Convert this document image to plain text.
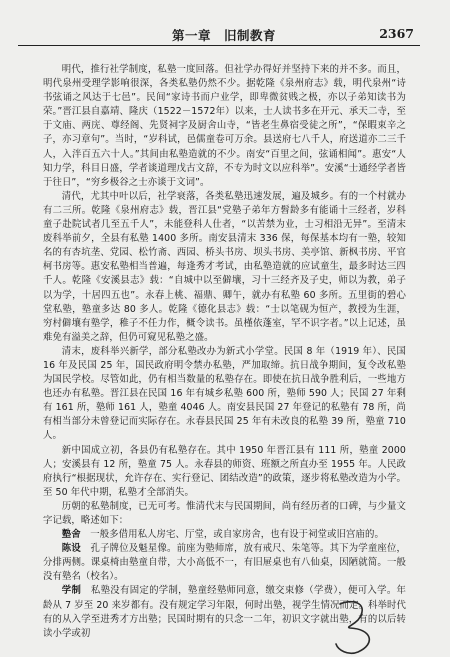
第一章　旧制教育	2367

明代，推行社学制度，私塾一度回落。但社学办得好并坚持下来的并不多。而且，明代泉州受理学影响很深，各类私塾仍然不少。据乾隆《泉州府志》载，明代泉州“诗书弦诵之风达于七邑”。民间“家诗书而户业学，即卑微贫贱之极，亦以子弟知读书为荣。”晋江县自嘉靖、隆庆（1522－1572年）以来，士人读书多在开元、承天二寺，至于文庙、两庑、尊经阁、先贤祠字及厨舍山寺，“皆老生鼻宿受徒之所”，“保暇束辛之子，亦习章句”。当时，“岁科试，邑儒童卷可万余。县送府七八千人，府送道亦二三千人，入泮百五六十人。”其间由私塾造就的不少。南安“百里之间，弦诵相闻”。惠安“人知力学，科目日盛，学者谈道理戊古文辞，不专为时文以应科举”。安溪“士通经学者皆于往日”，“穷乡极谷之士亦谈于文词”。

清代，尤其中叶以后，社学衰落，各类私塾迅速发展，遍及城乡。有的一个村就办有二三所。乾隆《泉州府志》载，晋江县“党塾子弟年方髫龄多有能诵十三经者，岁科童子赴院试者几至五千人”，未能登科人仕者，“以苦禁为业，士习相沿无异”。至清末废科举前夕，全县有私塾 1400 多所。南安县清末 336 保，每保基本均有一塾，较知名的有杏坑垄、党园、松竹斋、西园、桥头书房、坝头书房、美亭馆、新枫书房、平官柯书房等。惠安私塾相当普遍，每逢秀才考试，由私塾造就的应试童生，最多时达三四千人。乾隆《安溪县志》载：“自城中以至僻壤，习十三经齐及子史，师以为教，弟子以为学，十居四五也”。永春上桃、福鼎、卿午，就办有私塾 60 多所。五里街的碧心堂私塾，塾童多达 80 多人。乾隆《德化县志》载：“士以笔砚为恒产，教授为生涯，穷村僻壤有塾学，稚子不任力作，概令读书。虽槿依蓬室，罕不识字者。”以上记述，虽难免有溢美之辞，但仍可窥见私塾之盛。

清末，废科举兴新学，部分私塾改办为新式小学堂。民国 8 年（1919 年）、民国 16 年及民国 25 年，国民政府明令禁办私塾，严加取缔。抗日战争期间，复令改私塾为国民学校。尽管如此，仍有相当数量的私塾存在。即使在抗日战争胜利后，一些地方也还办有私塾。晋江县在民国 16 年有城乡私塾 600 所，塾师 590 人；民国 27 年剩有 161 所，塾师 161 人，塾童 4046 人。南安县民国 27 年登记的私塾有 78 所，尚有相当部分未曾登记而实际存在。永春县民国 25 年有未改良的私塾 39 所，塾童 710 人。

新中国成立初，各县仍有私塾存在。其中 1950 年晋江县有 111 所，塾童 2000 人；安溪县有 12 所，塾童 75 人。永春县的师资、班额之所直办至 1955 年。人民政府执行“根据现状，允许存在、实行登记、团结改造”的政策，逐步将私塾改造为小学。至 50 年代中期，私塾才全部消失。

历朝的私塾制度，已无可考。惟清代末与民国期间，尚有经历者的口碑，与少量文字记载，略述如下：

塾舍　 一般多借用私人房宅、厅堂，或自家房舍，也有设于祠堂或旧宫庙的。

陈设　 孔子牌位及魁星像。前座为塾师席，放有戒尺、朱笔等。其下为学童座位，分排两侧。课桌椅由塾童自带，大小高低不一，有旧屉桌也有八仙桌，因陋就简。一般没有塾名（校名）。

学制　 私塾没有固定的学制，塾童经塾师同意，缴交束修（学费），便可入学。年龄从 7 岁至 20 来岁都有。没有规定学习年限，何时出塾，视学生情况而定。科举时代有的从入学至进秀才方出塾；民国时期有的只念一二年，初识文字就出塾，有的以后转读小学或初
